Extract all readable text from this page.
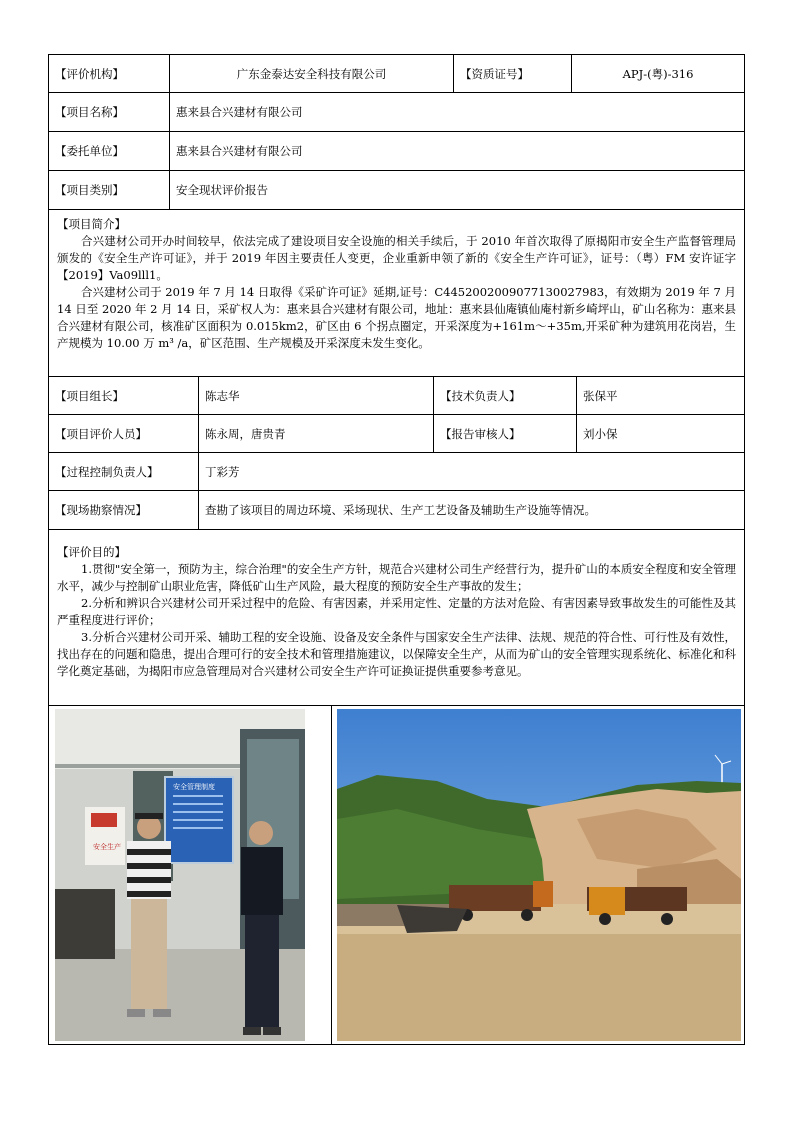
【评价机构】	广东金泰达安全科技有限公司	【资质证号】	APJ-(粤)-316
【项目名称】	惠来县合兴建材有限公司
【委托单位】	惠来县合兴建材有限公司
【项目类别】	安全现状评价报告

【项目简介】

合兴建材公司开办时间较早，依法完成了建设项目安全设施的相关手续后，于 2010 年首次取得了原揭阳市安全生产监督管理局颁发的《安全生产许可证》，并于 2019 年因主要责任人变更，企业重新申领了新的《安全生产许可证》，证号：（粤）FM 安许证字【2019】Va09lll1。

合兴建材公司于 2019 年 7 月 14 日取得《采矿许可证》延期,证号：C4452002009077130027983，有效期为 2019 年 7 月 14 日至 2020 年 2 月 14 日，采矿权人为：惠来县合兴建材有限公司，地址：惠来县仙庵镇仙庵村新乡崎坪山，矿山名称为：惠来县合兴建材有限公司，核准矿区面积为 0.015km2，矿区由 6 个拐点圈定，开采深度为+161m～+35m,开采矿种为建筑用花岗岩，生产规模为 10.00 万 m³ /a，矿区范围、生产规模及开采深度未发生变化。

【项目组长】	陈志华	【技术负责人】	张保平
【项目评价人员】	陈永周，唐贵青	【报告审核人】	刘小保
【过程控制负责人】	丁彩芳
【现场勘察情况】	查勘了该项目的周边环境、采场现状、生产工艺设备及辅助生产设施等情况。

【评价目的】

1.贯彻"安全第一，预防为主，综合治理"的安全生产方针，规范合兴建材公司生产经营行为，提升矿山的本质安全程度和安全管理水平，减少与控制矿山职业危害，降低矿山生产风险，最大程度的预防安全生产事故的发生；

2.分析和辨识合兴建材公司开采过程中的危险、有害因素，并采用定性、定量的方法对危险、有害因素导致事故发生的可能性及其严重程度进行评价；

3.分析合兴建材公司开采、辅助工程的安全设施、设备及安全条件与国家安全生产法律、法规、规范的符合性、可行性及有效性，找出存在的问题和隐患，提出合理可行的安全技术和管理措施建议，以保障安全生产，从而为矿山的安全管理实现系统化、标准化和科学化奠定基础，为揭阳市应急管理局对合兴建材公司安全生产许可证换证提供重要参考意见。

安全生产
安全管理制度
